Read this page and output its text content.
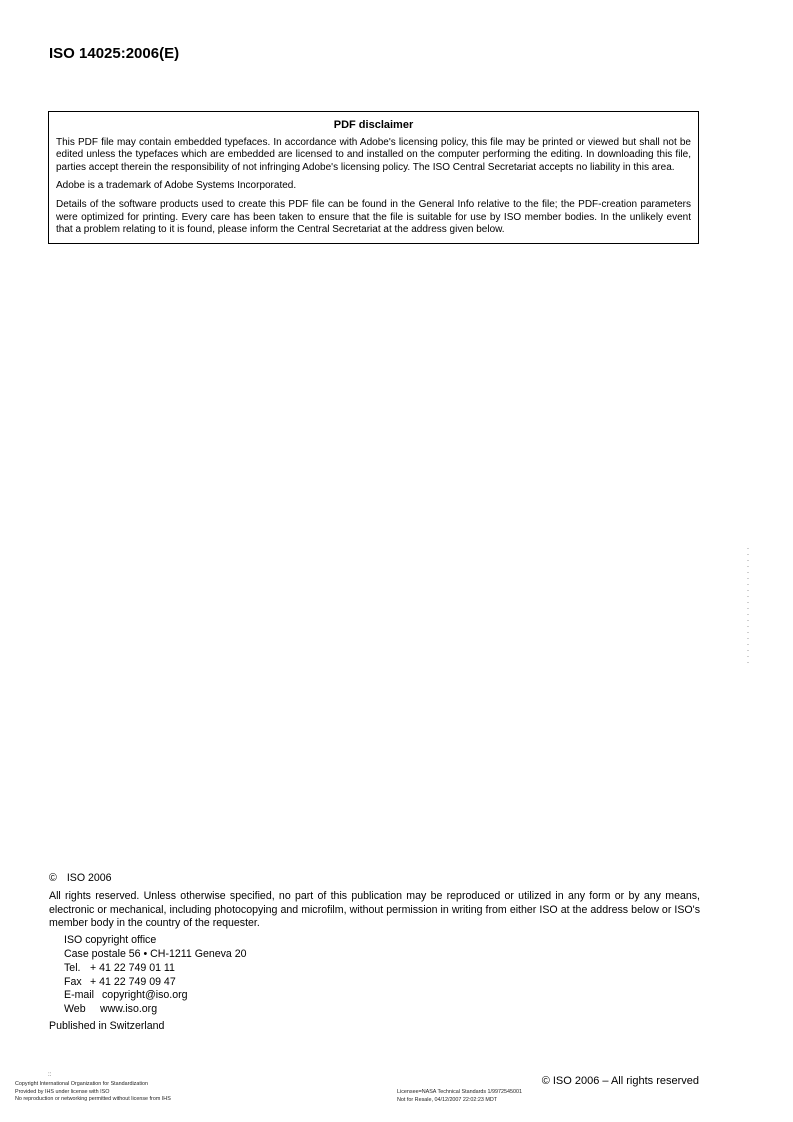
ISO 14025:2006(E)
PDF disclaimer

This PDF file may contain embedded typefaces. In accordance with Adobe's licensing policy, this file may be printed or viewed but shall not be edited unless the typefaces which are embedded are licensed to and installed on the computer performing the editing. In downloading this file, parties accept therein the responsibility of not infringing Adobe's licensing policy. The ISO Central Secretariat accepts no liability in this area.

Adobe is a trademark of Adobe Systems Incorporated.

Details of the software products used to create this PDF file can be found in the General Info relative to the file; the PDF-creation parameters were optimized for printing. Every care has been taken to ensure that the file is suitable for use by ISO member bodies. In the unlikely event that a problem relating to it is found, please inform the Central Secretariat at the address given below.

© ISO 2006

All rights reserved. Unless otherwise specified, no part of this publication may be reproduced or utilized in any form or by any means, electronic or mechanical, including photocopying and microfilm, without permission in writing from either ISO at the address below or ISO's member body in the country of the requester.

ISO copyright office
Case postale 56 • CH-1211 Geneva 20
Tel. + 41 22 749 01 11
Fax + 41 22 749 09 47
E-mail copyright@iso.org
Web www.iso.org

Published in Switzerland

::
Copyright International Organization for Standardization
Provided by IHS under license with ISO
No reproduction or networking permitted without license from IHS
Licensee=NASA Technical Standards 1/9972545001
Not for Resale, 04/12/2007 22:02:23 MDT
© ISO 2006 – All rights reserved
